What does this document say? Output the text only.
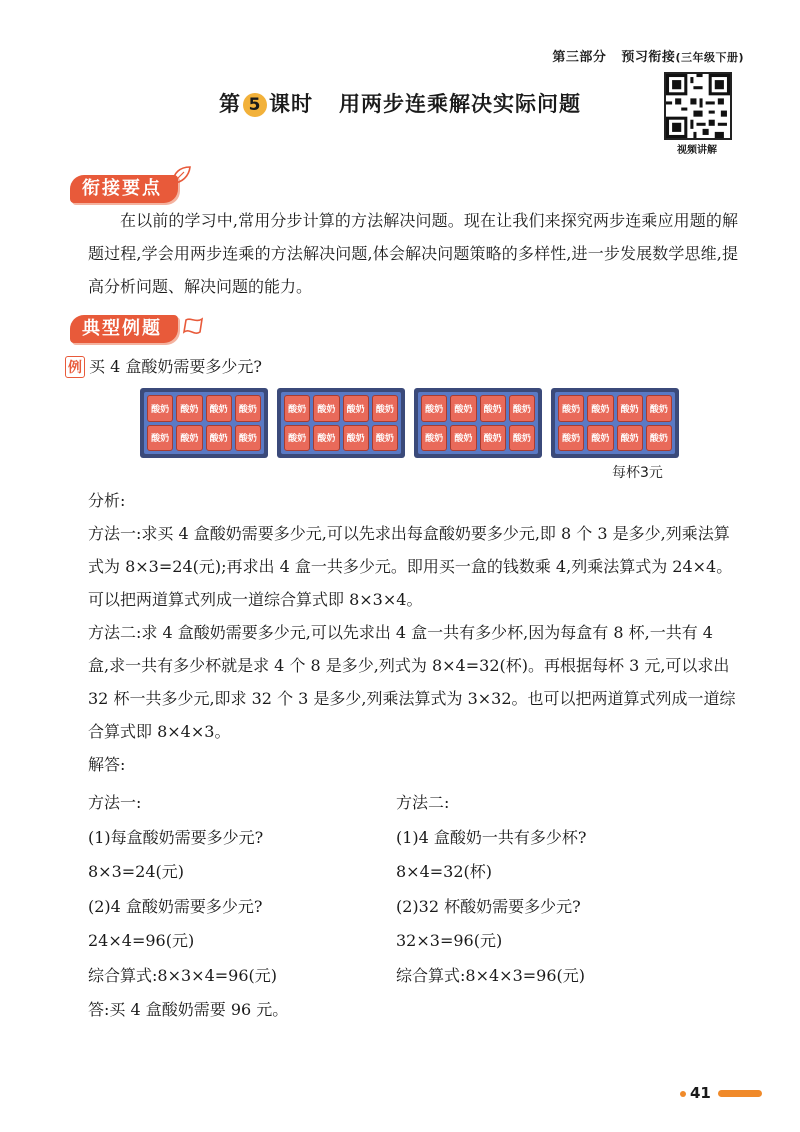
第三部分 预习衔接(三年级下册)
第 5 课时 用两步连乘解决实际问题
视频讲解
衔接要点

在以前的学习中,常用分步计算的方法解决问题。现在让我们来探究两步连乘应用题的解题过程,学会用两步连乘的方法解决问题,体会解决问题策略的多样性,进一步发展数学思维,提高分析问题、解决问题的能力。

典型例题
例 买 4 盒酸奶需要多少元?
酸奶	酸奶	酸奶	酸奶
酸奶	酸奶	酸奶	酸奶
酸奶	酸奶	酸奶	酸奶
酸奶	酸奶	酸奶	酸奶
酸奶	酸奶	酸奶	酸奶
酸奶	酸奶	酸奶	酸奶
酸奶	酸奶	酸奶	酸奶
酸奶	酸奶	酸奶	酸奶
每杯3元

分析:

方法一:求买 4 盒酸奶需要多少元,可以先求出每盒酸奶要多少元,即 8 个 3 是多少,列乘法算式为 8×3=24(元);再求出 4 盒一共多少元。即用买一盒的钱数乘 4,列乘法算式为 24×4。可以把两道算式列成一道综合算式即 8×3×4。

方法二:求 4 盒酸奶需要多少元,可以先求出 4 盒一共有多少杯,因为每盒有 8 杯,一共有 4 盒,求一共有多少杯就是求 4 个 8 是多少,列式为 8×4=32(杯)。再根据每杯 3 元,可以求出 32 杯一共多少元,即求 32 个 3 是多少,列乘法算式为 3×32。也可以把两道算式列成一道综合算式即 8×4×3。

解答:

方法一:

(1)每盒酸奶需要多少元?

8×3=24(元)

(2)4 盒酸奶需要多少元?

24×4=96(元)

综合算式:8×3×4=96(元)

答:买 4 盒酸奶需要 96 元。

方法二:

(1)4 盒酸奶一共有多少杯?

8×4=32(杯)

(2)32 杯酸奶需要多少元?

32×3=96(元)

综合算式:8×4×3=96(元)

41
